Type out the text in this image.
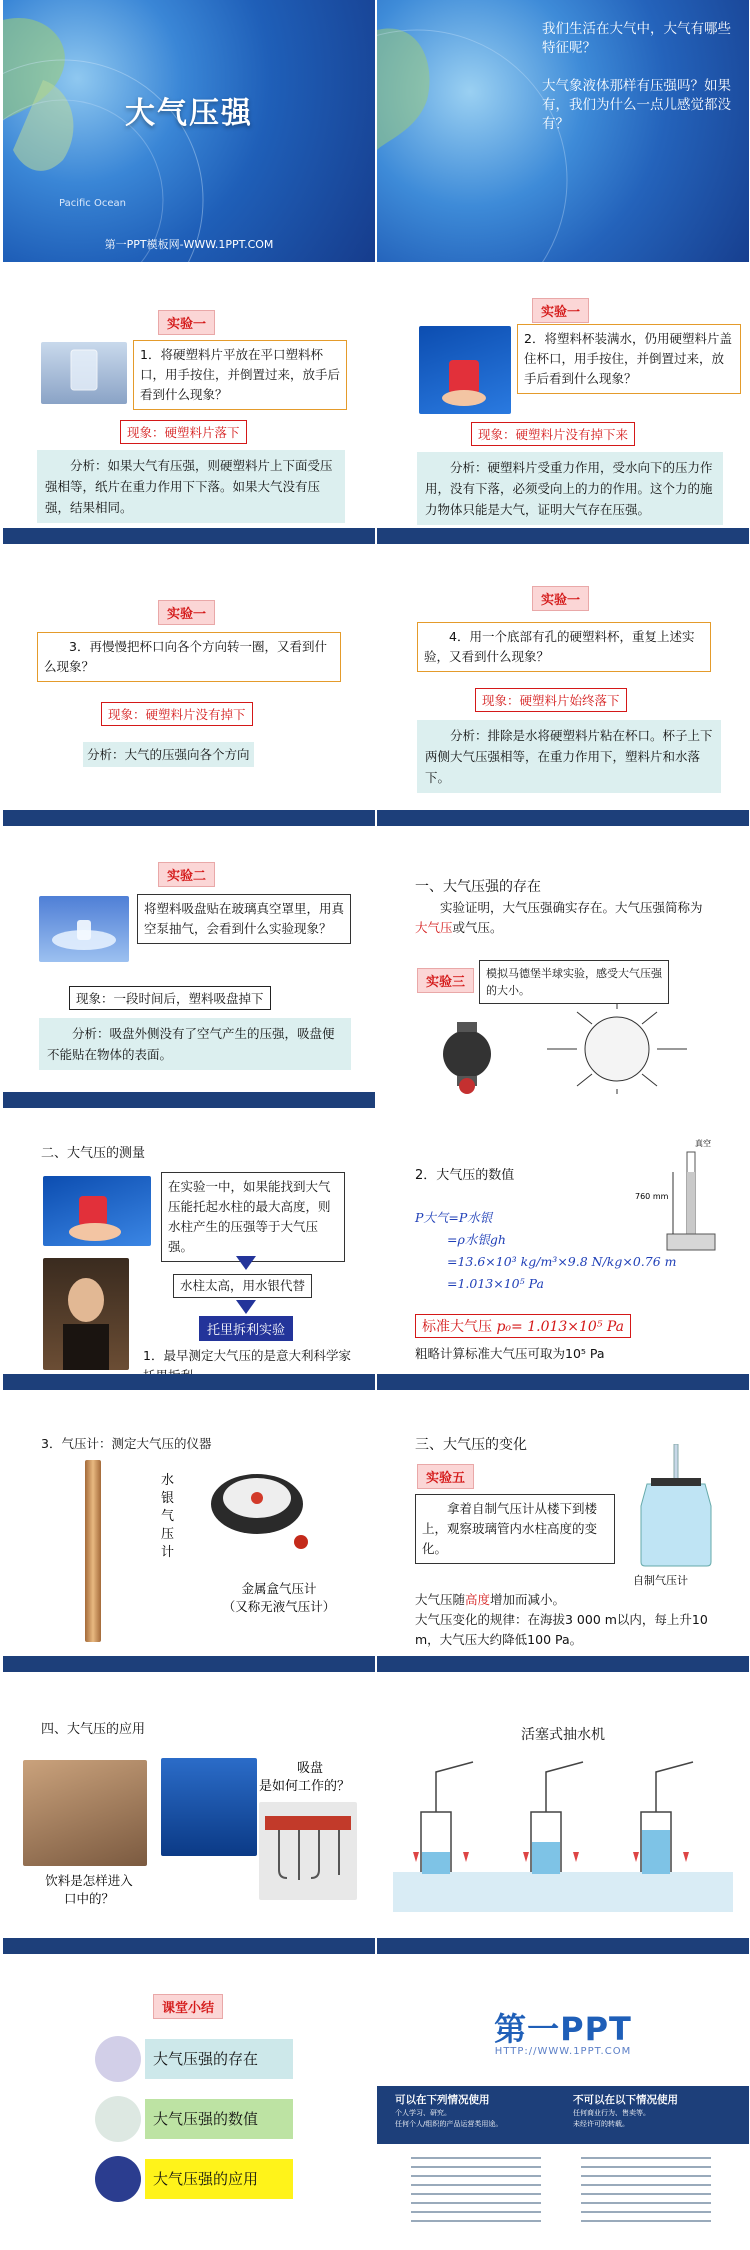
Pacific Ocean
大气压强
第一PPT模板网-WWW.1PPT.COM
我们生活在大气中，大气有哪些特征呢？

大气象液体那样有压强吗？如果有，我们为什么一点儿感觉都没有？
实验一
1．将硬塑料片平放在平口塑料杯口，用手按住，并倒置过来，放手后看到什么现象？
现象：硬塑料片落下
分析：如果大气有压强，则硬塑料片上下面受压强相等，纸片在重力作用下下落。如果大气没有压强，结果相同。
实验一
2．将塑料杯装满水，仍用硬塑料片盖住杯口，用手按住，并倒置过来，放手后看到什么现象？
现象：硬塑料片没有掉下来
分析：硬塑料片受重力作用，受水向下的压力作用，没有下落，必须受向上的力的作用。这个力的施力物体只能是大气，证明大气存在压强。
实验一
3．再慢慢把杯口向各个方向转一圈，又看到什么现象？
现象：硬塑料片没有掉下
分析：大气的压强向各个方向
实验一
4．用一个底部有孔的硬塑料杯，重复上述实验，又看到什么现象？
现象：硬塑料片始终落下
分析：排除是水将硬塑料片粘在杯口。杯子上下两侧大气压强相等，在重力作用下，塑料片和水落下。
实验二
将塑料吸盘贴在玻璃真空罩里，用真空泵抽气，会看到什么实验现象？
现象：一段时间后，塑料吸盘掉下
分析：吸盘外侧没有了空气产生的压强，吸盘便不能贴在物体的表面。
一、大气压强的存在
实验证明，大气压强确实存在。大气压强简称为大气压或气压。
实验三
模拟马德堡半球实验，感受大气压强的大小。
二、大气压的测量
在实验一中，如果能找到大气压能托起水柱的最大高度，则水柱产生的压强等于大气压强。
水柱太高，用水银代替
托里拆利实验
1．最早测定大气压的是意大利科学家
2．大气压的数值
真空
760 mm
P大气=P水银
=ρ水银gh
=13.6×10³ kg/m³×9.8 N/kg×0.76 m
=1.013×10⁵ Pa
标准大气压 p₀= 1.013×10⁵ Pa
粗略计算标准大气压可取为10⁵ Pa
3．气压计：测定大气压的仪器
水银气压计
金属盒气压计
（又称无液气压计）
三、大气压的变化
实验五
拿着自制气压计从楼下到楼上，观察玻璃管内水柱高度的变化。
自制气压计
大气压随高度增加而减小。
大气压变化的规律：在海拔3 000 m以内，每上升10 m，大气压大约降低100 Pa。
四、大气压的应用
饮料是怎样进入
口中的？
吸盘
是如何工作的？
活塞式抽水机
课堂小结
大气压强的存在
大气压强的数值
大气压强的应用
第一PPT
HTTP://WWW.1PPT.COM
可以在下列情况使用
个人学习、研究。
任何个人/组织的产品运营类用途。
不可以在以下情况使用
任何商业行为、售卖等。
未经许可的转载。
